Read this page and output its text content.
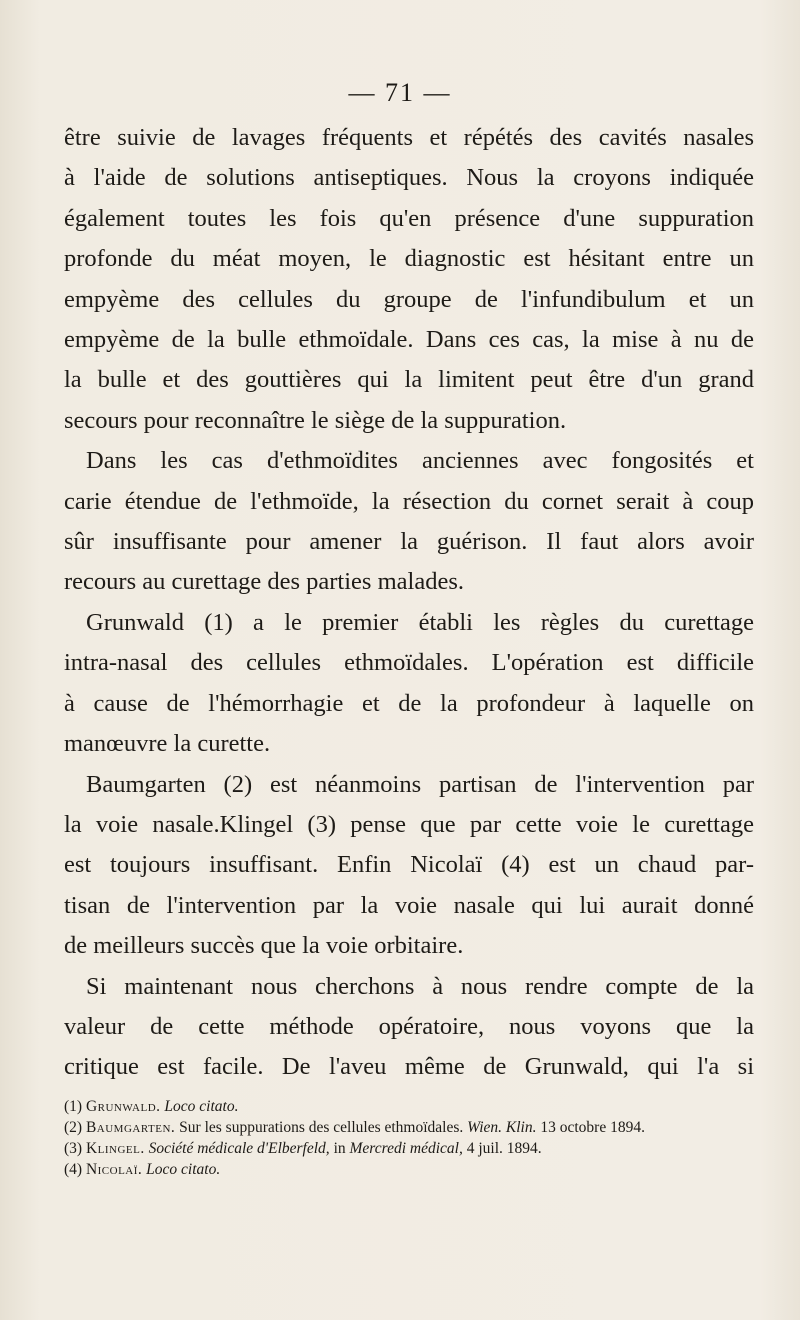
— 71 —

être suivie de lavages fréquents et répétés des cavités nasales

à l'aide de solutions antiseptiques. Nous la croyons indiquée

également toutes les fois qu'en présence d'une suppuration

profonde du méat moyen, le diagnostic est hésitant entre un

empyème des cellules du groupe de l'infundibulum et un

empyème de la bulle ethmoïdale. Dans ces cas, la mise à nu de

la bulle et des gouttières qui la limitent peut être d'un grand

secours pour reconnaître le siège de la suppuration.

Dans les cas d'ethmoïdites anciennes avec fongosités et

carie étendue de l'ethmoïde, la résection du cornet serait à coup

sûr insuffisante pour amener la guérison. Il faut alors avoir

recours au curettage des parties malades.

Grunwald (1) a le premier établi les règles du curettage

intra-nasal des cellules ethmoïdales. L'opération est difficile

à cause de l'hémorrhagie et de la profondeur à laquelle on

manœuvre la curette.

Baumgarten (2) est néanmoins partisan de l'intervention par

la voie nasale.Klingel (3) pense que par cette voie le curettage

est toujours insuffisant. Enfin Nicolaï (4) est un chaud par-

tisan de l'intervention par la voie nasale qui lui aurait donné

de meilleurs succès que la voie orbitaire.

Si maintenant nous cherchons à nous rendre compte de la

valeur de cette méthode opératoire, nous voyons que la

critique est facile. De l'aveu même de Grunwald, qui l'a si

(1) Grunwald. Loco citato.

(2) Baumgarten. Sur les suppurations des cellules ethmoïdales. Wien. Klin. 13 octobre 1894.

(3) Klingel. Société médicale d'Elberfeld, in Mercredi médical, 4 juil. 1894.

(4) Nicolaï. Loco citato.
